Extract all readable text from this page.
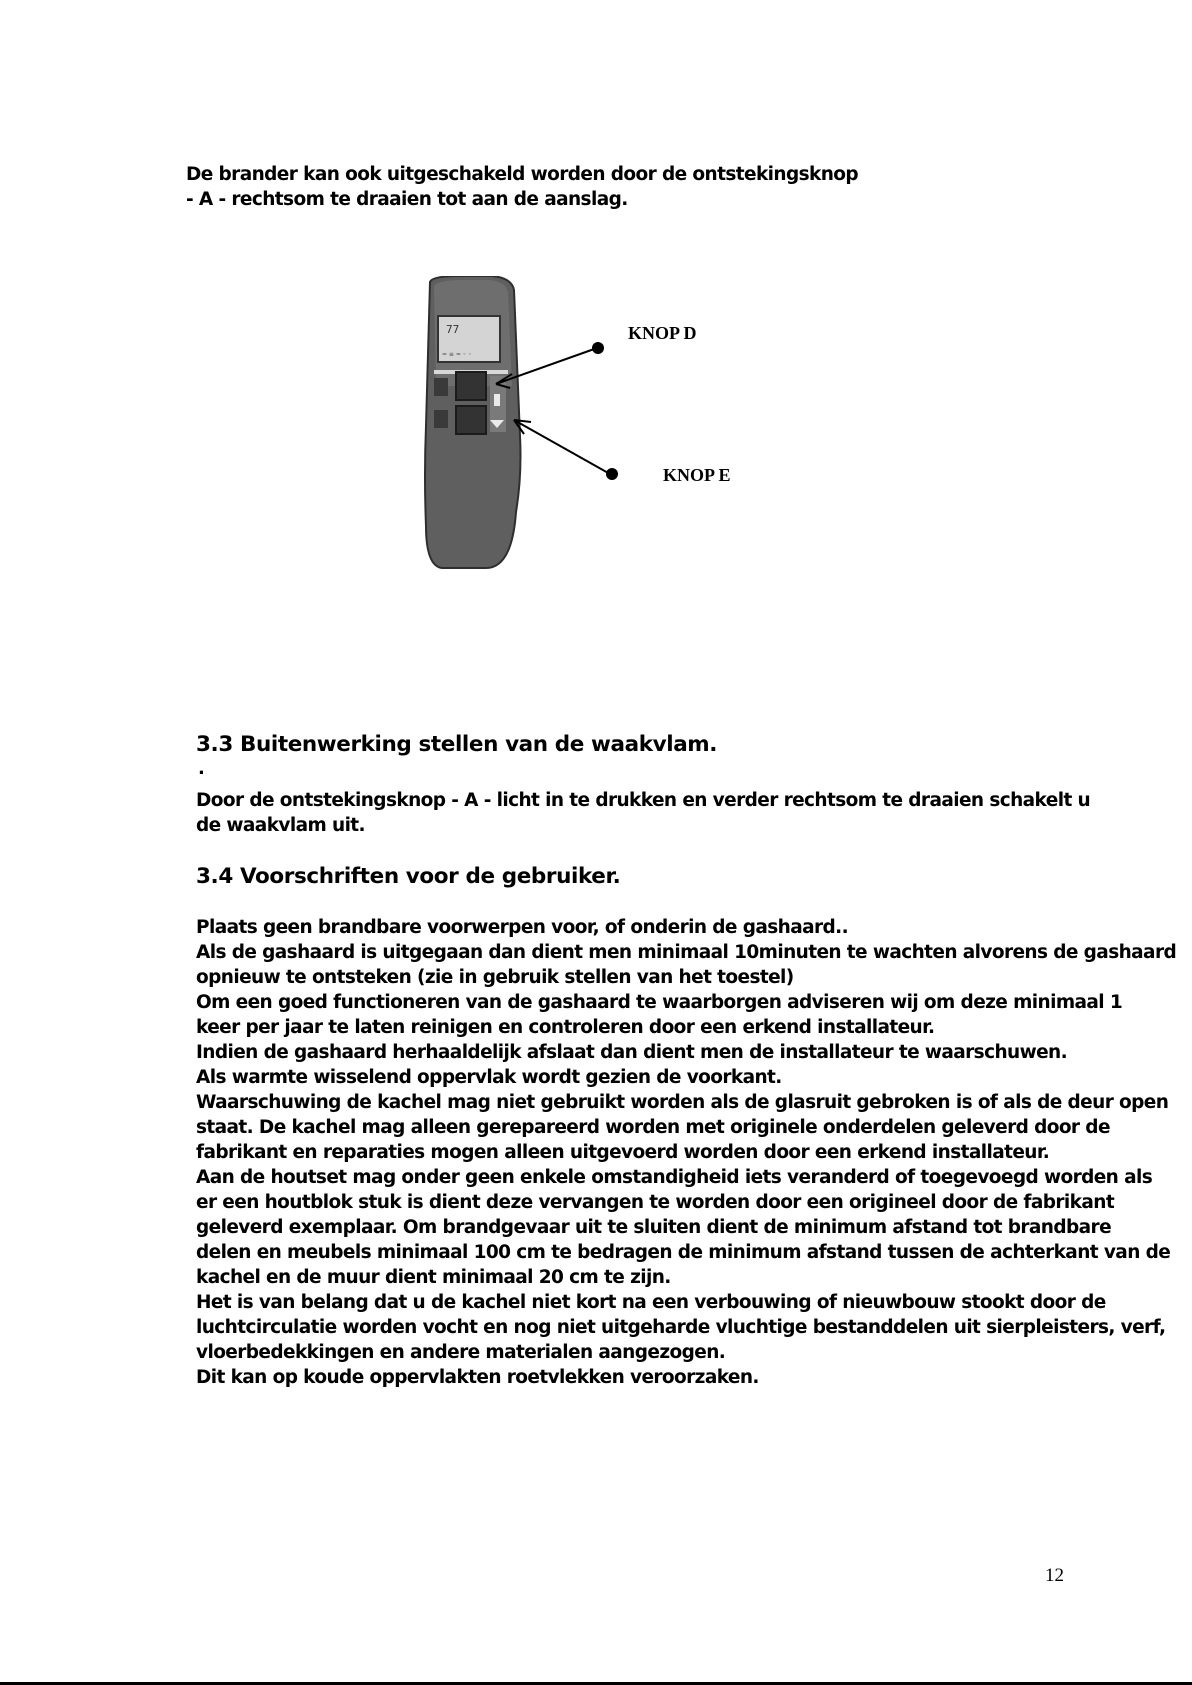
De brander kan ook uitgeschakeld worden door de ontstekingsknop
- A - rechtsom te draaien tot aan de aanslag.
77
= ≡ ≈ ◦ ◦
KNOP D
KNOP E
3.3 Buitenwerking stellen van de waakvlam.
.
Door de ontstekingsknop - A - licht in te drukken en verder rechtsom te draaien schakelt u de waakvlam uit.
3.4 Voorschriften voor de gebruiker.
Plaats geen brandbare voorwerpen voor, of onderin de gashaard..
Als de gashaard is uitgegaan dan dient men minimaal 10minuten te wachten alvorens de gashaard
opnieuw te ontsteken (zie in gebruik stellen van het toestel)
Om een goed functioneren van de gashaard te waarborgen adviseren wij om deze minimaal 1
keer per jaar te laten reinigen en controleren door een erkend installateur.
Indien de gashaard herhaaldelijk afslaat dan dient men de installateur te waarschuwen.
Als warmte wisselend oppervlak wordt gezien de voorkant.
Waarschuwing de kachel mag niet gebruikt worden als de glasruit gebroken is of als de deur open
staat. De kachel mag alleen gerepareerd worden met originele onderdelen geleverd door de
fabrikant en reparaties mogen alleen uitgevoerd worden door een erkend installateur.
Aan de houtset mag onder geen enkele omstandigheid iets veranderd of toegevoegd worden als
er een houtblok stuk is dient deze vervangen te worden door een origineel door de fabrikant
geleverd exemplaar. Om brandgevaar uit te sluiten dient de minimum afstand tot brandbare
delen en meubels minimaal 100 cm te bedragen de minimum afstand tussen de achterkant van de
kachel en de muur dient minimaal 20 cm te zijn.
Het is van belang dat u de kachel niet kort na een verbouwing of nieuwbouw stookt door de
luchtcirculatie worden vocht en nog niet uitgeharde vluchtige bestanddelen uit sierpleisters, verf,
vloerbedekkingen en andere materialen aangezogen.
Dit kan op koude oppervlakten roetvlekken veroorzaken.
12
